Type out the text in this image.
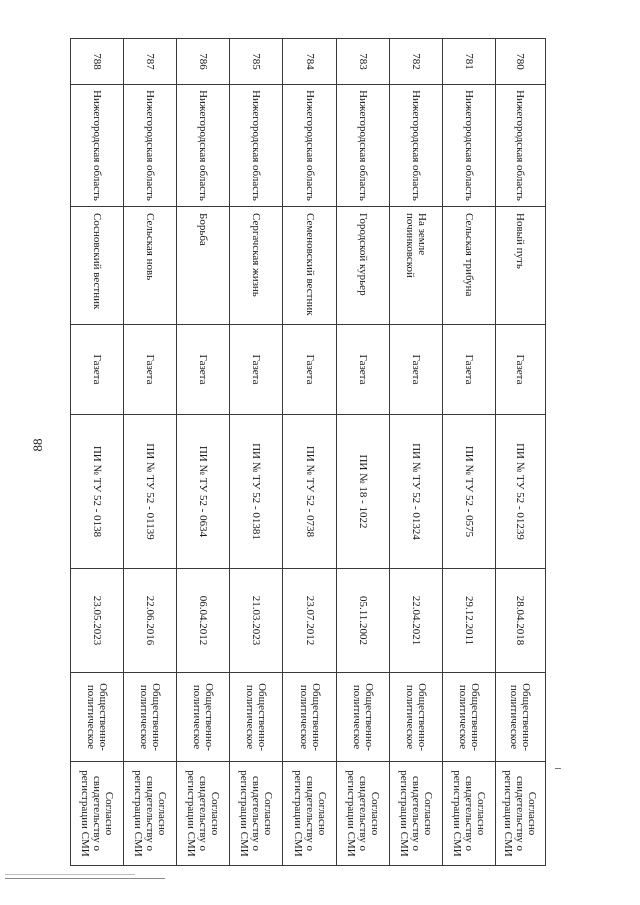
88
780	Нижегородская область	Новый путь	Газета	ПИ № ТУ 52 - 01239	28.04.2018	Общественно-политическое	Согласно свидетельству о регистрации СМИ
781	Нижегородская область	Сельская трибуна	Газета	ПИ № ТУ 52 - 0575	29.12.2011	Общественно-политическое	Согласно свидетельству о регистрации СМИ
782	Нижегородская область	На земле починковской	Газета	ПИ № ТУ 52 - 01324	22.04.2021	Общественно-политическое	Согласно свидетельству о регистрации СМИ
783	Нижегородская область	Городской курьер	Газета	ПИ № 18 - 1022	05.11.2002	Общественно-политическое	Согласно свидетельству о регистрации СМИ
784	Нижегородская область	Семеновский вестник	Газета	ПИ № ТУ 52 - 0738	23.07.2012	Общественно-политическое	Согласно свидетельству о регистрации СМИ
785	Нижегородская область	Сергачская жизнь	Газета	ПИ № ТУ 52 - 01381	21.03.2023	Общественно-политическое	Согласно свидетельству о регистрации СМИ
786	Нижегородская область	Борьба	Газета	ПИ № ТУ 52 - 0634	06.04.2012	Общественно-политическое	Согласно свидетельству о регистрации СМИ
787	Нижегородская область	Сельская новь	Газета	ПИ № ТУ 52 - 01139	22.06.2016	Общественно-политическое	Согласно свидетельству о регистрации СМИ
788	Нижегородская область	Сосновский вестник	Газета	ПИ № ТУ 52 - 0138	23.05.2023	Общественно-политическое	Согласно свидетельству о регистрации СМИ
